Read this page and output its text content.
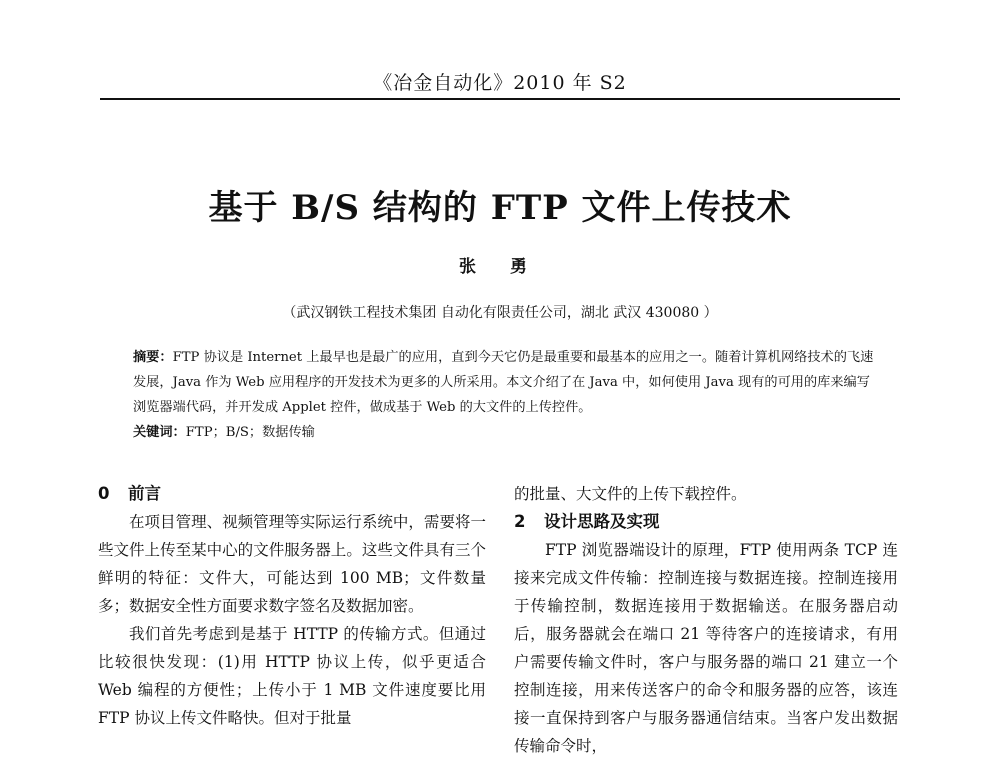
《冶金自动化》2010 年 S2
基于 B/S 结构的 FTP 文件上传技术
张 勇
（武汉钢铁工程技术集团 自动化有限责任公司，湖北 武汉 430080 ）
摘要：FTP 协议是 Internet 上最早也是最广的应用，直到今天它仍是最重要和最基本的应用之一。随着计算机网络技术的飞速发展，Java 作为 Web 应用程序的开发技术为更多的人所采用。本文介绍了在 Java 中，如何使用 Java 现有的可用的库来编写浏览器端代码，并开发成 Applet 控件，做成基于 Web 的大文件的上传控件。
关键词：FTP；B/S；数据传输
0 前言

在项目管理、视频管理等实际运行系统中，需要将一些文件上传至某中心的文件服务器上。这些文件具有三个鲜明的特征：文件大，可能达到 100 MB；文件数量多；数据安全性方面要求数字签名及数据加密。

我们首先考虑到是基于 HTTP 的传输方式。但通过比较很快发现：(1)用 HTTP 协议上传，似乎更适合 Web 编程的方便性；上传小于 1 MB 文件速度要比用 FTP 协议上传文件略快。但对于批量

的批量、大文件的上传下载控件。

2 设计思路及实现

FTP 浏览器端设计的原理，FTP 使用两条 TCP 连接来完成文件传输：控制连接与数据连接。控制连接用于传输控制，数据连接用于数据输送。在服务器启动后，服务器就会在端口 21 等待客户的连接请求，有用户需要传输文件时，客户与服务器的端口 21 建立一个控制连接，用来传送客户的命令和服务器的应答，该连接一直保持到客户与服务器通信结束。当客户发出数据传输命令时，
